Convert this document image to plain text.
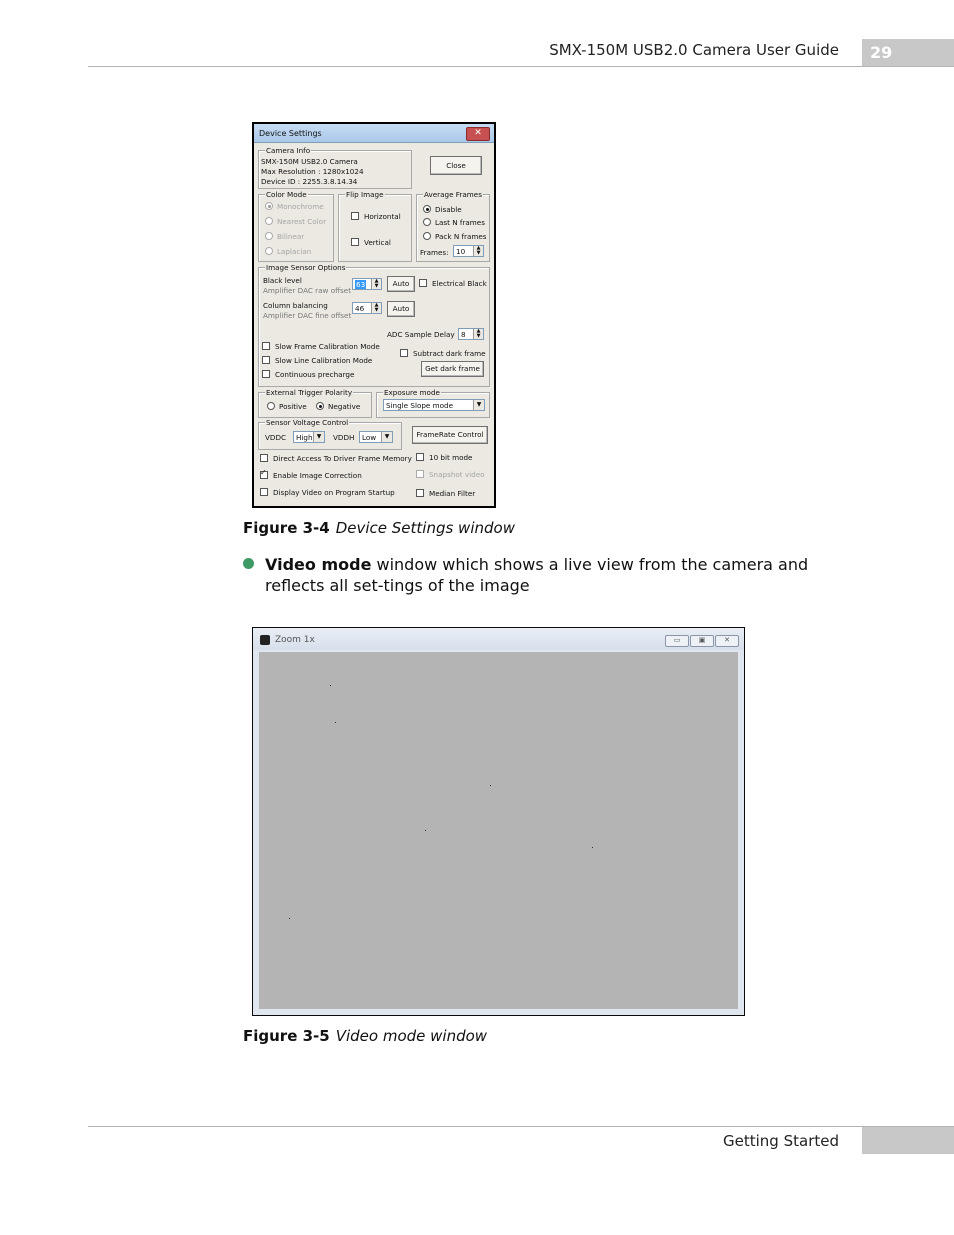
SMX-150M USB2.0 Camera User Guide	29
Device Settings	✕
Camera Info
SMX-150M USB2.0 Camera
Max Resolution : 1280x1024
Device ID : 2255.3.8.14.34
Close
Color Mode
Monochrome
Nearest Color
Bilinear
Laplacian
Flip Image
Horizontal
Vertical
Average Frames
Disable
Last N frames
Pack N frames
Frames: 10	▲
▼
Image Sensor Options
Black level
Amplifier DAC raw offset
63	▲
▼	Auto	Electrical Black
Column balancing
Amplifier DAC fine offset
46	▲
▼	Auto
ADC Sample Delay 8	▲
▼
Slow Frame Calibration Mode
Slow Line Calibration Mode
Continuous precharge
Subtract dark frame
Get dark frame
External Trigger Polarity
Positive	Negative
Exposure mode
Single Slope mode	▼
Sensor Voltage Control
VDDC High ▼	VDDH Low	▼	FrameRate Control
Direct Access To Driver Frame Memory	10 bit mode
✓Enable Image Correction	Snapshot video
Display Video on Program Startup	Median Filter
Figure 3-4 Device Settings window
Video mode window which shows a live view from the camera and reflects all set-tings of the image
Zoom 1x	▭	▣	✕
Figure 3-5 Video mode window
Getting Started
